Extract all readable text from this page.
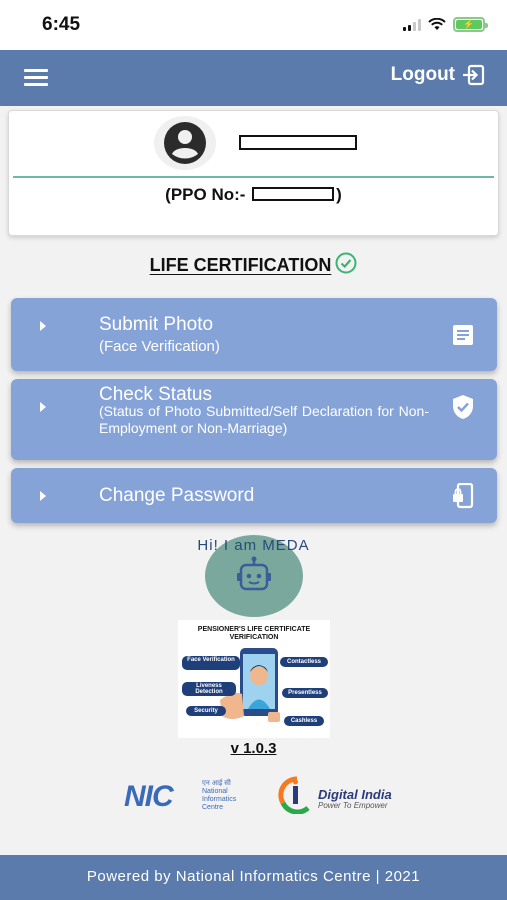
6:45	⚡
Logout
(PPO No:-	)
LIFE CERTIFICATION
Submit Photo
(Face Verification)
Check Status
(Status of Photo Submitted/Self Declaration for Non-Employment or Non-Marriage)
Change Password
Hi! I am MEDA
PENSIONER'S LIFE CERTIFICATE VERIFICATION
Face Verification
Liveness Detection
Security
Contactless
Presentless
Cashless
v 1.0.3
NIC	एन आई सी
National
Informatics
Centre
Digital India
Power To Empower
Powered by National Informatics Centre | 2021
